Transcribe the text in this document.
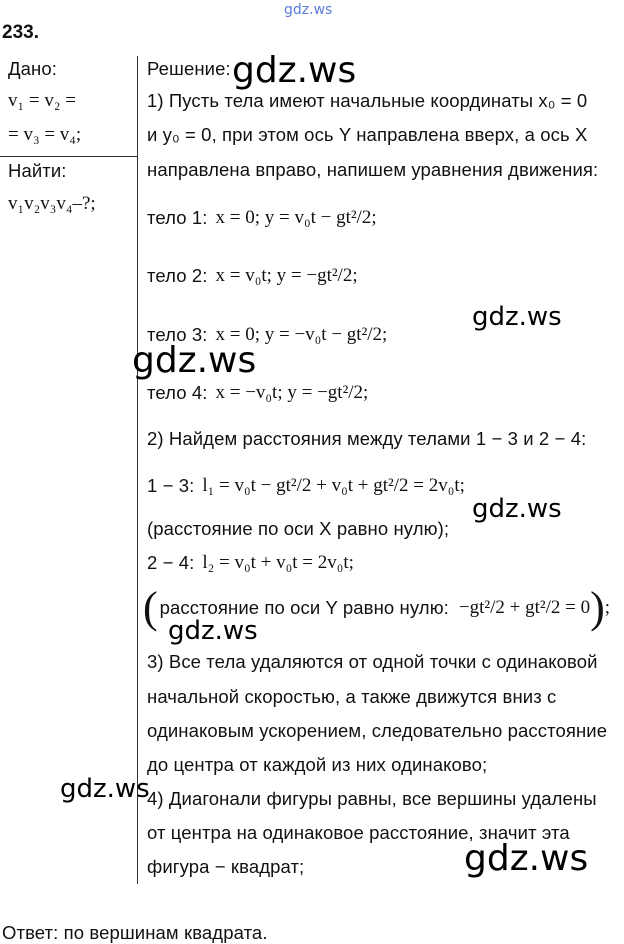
gdz.ws
233.
Дано:
v₁ = v₂ =
= v₃ = v₄;
Найти:
v₁v₂v₃v₄–?;
Решение:
1) Пусть тела имеют начальные координаты x₀ = 0
и y₀ = 0, при этом ось Y направлена вверх, а ось X
направлена вправо, напишем уравнения движения:
тело 1: x = 0; y = v₀t − gt²/2;
тело 2: x = v₀t; y = −gt²/2;
тело 3: x = 0; y = −v₀t − gt²/2;
тело 4: x = −v₀t; y = −gt²/2;
2) Найдем расстояния между телами 1 − 3 и 2 − 4:
1 − 3: l₁ = v₀t − gt²/2 + v₀t + gt²/2 = 2v₀t;
(расстояние по оси X равно нулю);
2 − 4: l₂ = v₀t + v₀t = 2v₀t;
( расстояние по оси Y равно нулю: −gt²/2 + gt²/2 = 0 ) ;
3) Все тела удаляются от одной точки с одинаковой
начальной скоростью, а также движутся вниз с
одинаковым ускорением, следовательно расстояние
до центра от каждой из них одинаково;
4) Диагонали фигуры равны, все вершины удалены
от центра на одинаковое расстояние, значит эта
фигура − квадрат;
Ответ: по вершинам квадрата.
gdz.ws
gdz.ws
gdz.ws
gdz.ws
gdz.ws
gdz.ws
gdz.ws
